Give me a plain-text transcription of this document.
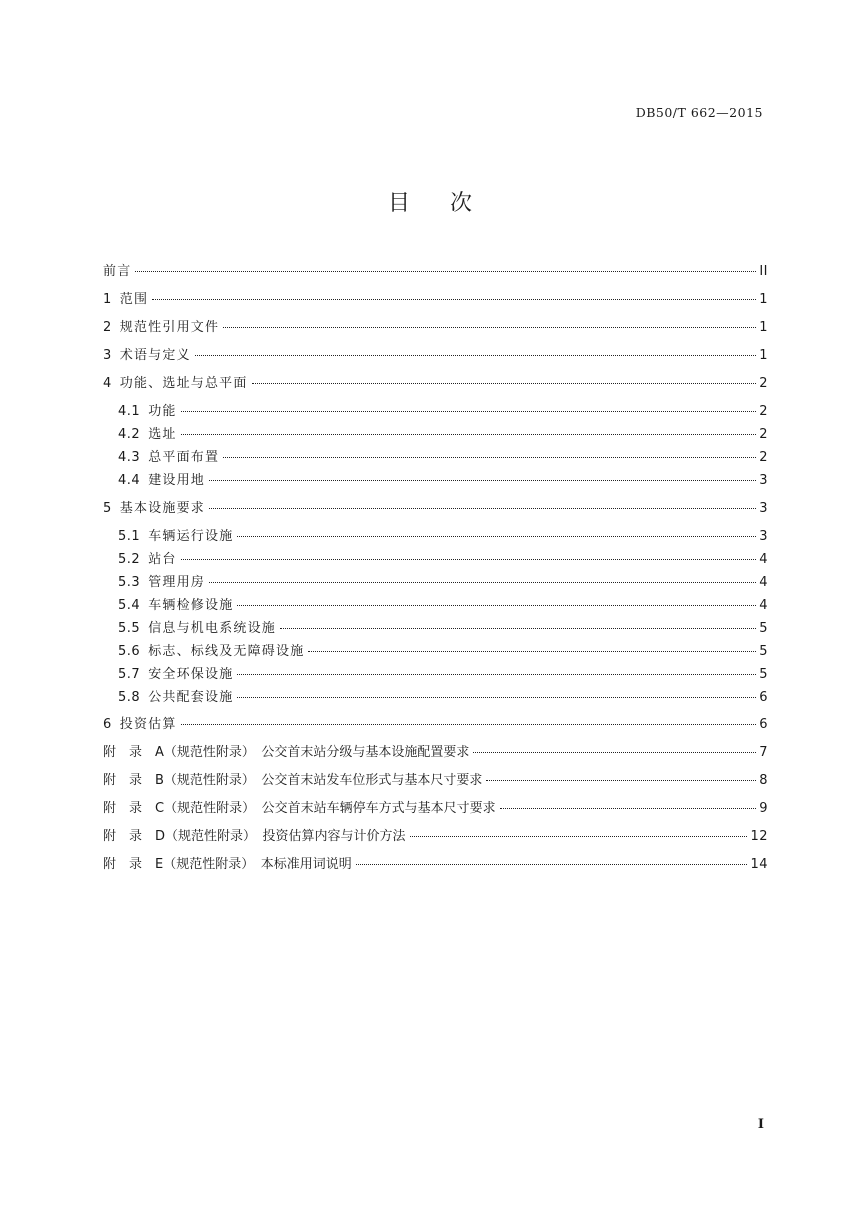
DB50/T 662—2015
目次
前言	II
1 范围	1
2 规范性引用文件	1
3 术语与定义	1
4 功能、选址与总平面	2
4.1 功能	2
4.2 选址	2
4.3 总平面布置	2
4.4 建设用地	3
5 基本设施要求	3
5.1 车辆运行设施	3
5.2 站台	4
5.3 管理用房	4
5.4 车辆检修设施	4
5.5 信息与机电系统设施	5
5.6 标志、标线及无障碍设施	5
5.7 安全环保设施	5
5.8 公共配套设施	6
6 投资估算	6
附　录　A（规范性附录）　公交首末站分级与基本设施配置要求	7
附　录　B（规范性附录）　公交首末站发车位形式与基本尺寸要求	8
附　录　C（规范性附录）　公交首末站车辆停车方式与基本尺寸要求	9
附　录　D（规范性附录）　投资估算内容与计价方法	12
附　录　E（规范性附录）　本标准用词说明	14
I
